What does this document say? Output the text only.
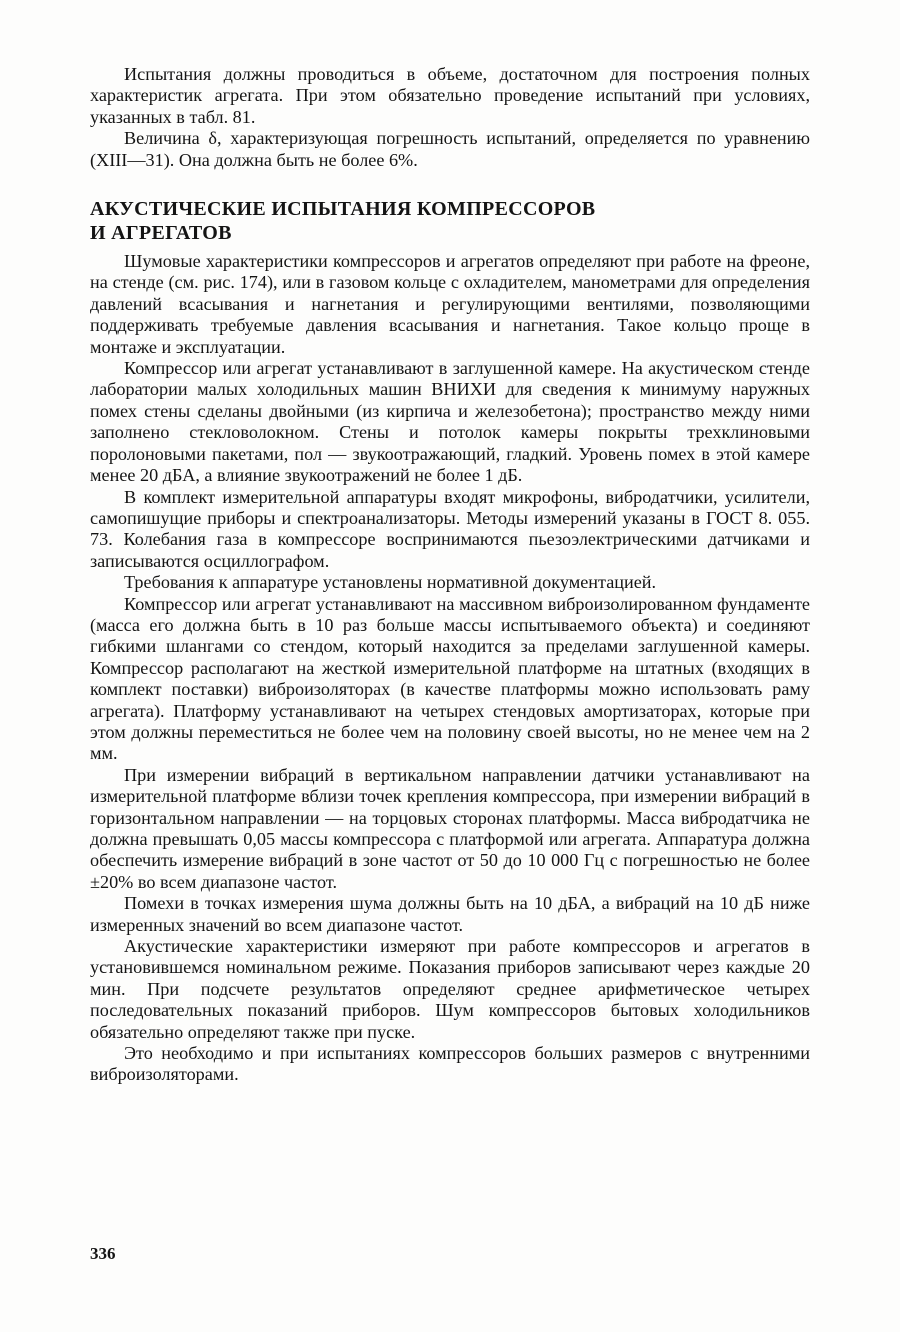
Испытания должны проводиться в объеме, достаточном для построения полных характеристик агрегата. При этом обязательно проведение испытаний при условиях, указанных в табл. 81.

Величина δ, характеризующая погрешность испытаний, определяется по уравнению (XIII—31). Она должна быть не более 6%.

АКУСТИЧЕСКИЕ ИСПЫТАНИЯ КОМПРЕССОРОВ
И АГРЕГАТОВ

Шумовые характеристики компрессоров и агрегатов определяют при работе на фреоне, на стенде (см. рис. 174), или в газовом кольце с охладителем, манометрами для определения давлений всасывания и нагнетания и регулирующими вентилями, позволяющими поддерживать требуемые давления всасывания и нагнетания. Такое кольцо проще в монтаже и эксплуатации.

Компрессор или агрегат устанавливают в заглушенной камере. На акустическом стенде лаборатории малых холодильных машин ВНИХИ для сведения к минимуму наружных помех стены сделаны двойными (из кирпича и железобетона); пространство между ними заполнено стекловолокном. Стены и потолок камеры покрыты трехклиновыми поролоновыми пакетами, пол — звукоотражающий, гладкий. Уровень помех в этой камере менее 20 дБА, а влияние звукоотражений не более 1 дБ.

В комплект измерительной аппаратуры входят микрофоны, вибродатчики, усилители, самопишущие приборы и спектроанализаторы. Методы измерений указаны в ГОСТ 8. 055. 73. Колебания газа в компрессоре воспринимаются пьезоэлектрическими датчиками и записываются осциллографом.

Требования к аппаратуре установлены нормативной документацией.

Компрессор или агрегат устанавливают на массивном виброизолированном фундаменте (масса его должна быть в 10 раз больше массы испытываемого объекта) и соединяют гибкими шлангами со стендом, который находится за пределами заглушенной камеры. Компрессор располагают на жесткой измерительной платформе на штатных (входящих в комплект поставки) виброизоляторах (в качестве платформы можно использовать раму агрегата). Платформу устанавливают на четырех стендовых амортизаторах, которые при этом должны переместиться не более чем на половину своей высоты, но не менее чем на 2 мм.

При измерении вибраций в вертикальном направлении датчики устанавливают на измерительной платформе вблизи точек крепления компрессора, при измерении вибраций в горизонтальном направлении — на торцовых сторонах платформы. Масса вибродатчика не должна превышать 0,05 массы компрессора с платформой или агрегата. Аппаратура должна обеспечить измерение вибраций в зоне частот от 50 до 10 000 Гц с погрешностью не более ±20% во всем диапазоне частот.

Помехи в точках измерения шума должны быть на 10 дБА, а вибраций на 10 дБ ниже измеренных значений во всем диапазоне частот.

Акустические характеристики измеряют при работе компрессоров и агрегатов в установившемся номинальном режиме. Показания приборов записывают через каждые 20 мин. При подсчете результатов определяют среднее арифметическое четырех последовательных показаний приборов. Шум компрессоров бытовых холодильников обязательно определяют также при пуске.

Это необходимо и при испытаниях компрессоров больших размеров с внутренними виброизоляторами.

336
